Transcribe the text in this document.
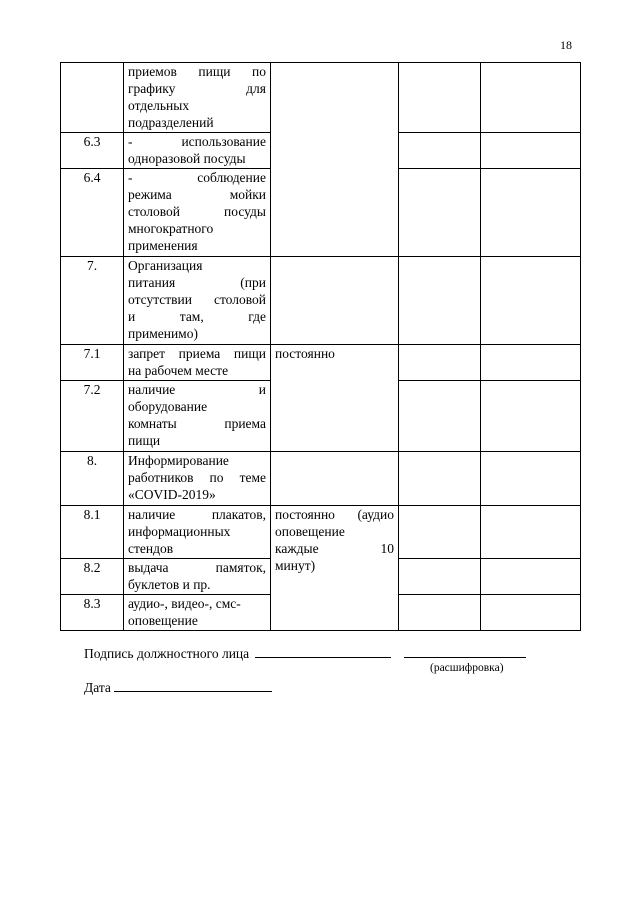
18

	приемов пищи по
графику для
отдельных
подразделений			

6.3	- использование
одноразовой посуды			

6.4	- соблюдение
режима мойки
столовой посуды
многократного
применения			

7.	Организация
питания (при
отсутствии столовой
и там, где
применимо)			

7.1	запрет приема пищи
на рабочем месте	постоянно		
7.2	наличие и
оборудование
комнаты приема
пищи			

8.	Информирование
работников по теме
«COVID-2019»			

8.1	наличие плакатов,
информационных
стендов	постоянно (аудио
оповещение
каждые 10
минут)		

8.2	выдача памяток,
буклетов и пр.			

8.3	аудио-, видео-, смс-
оповещение			

Подпись должностного лица
(расшифровка)
Дата
